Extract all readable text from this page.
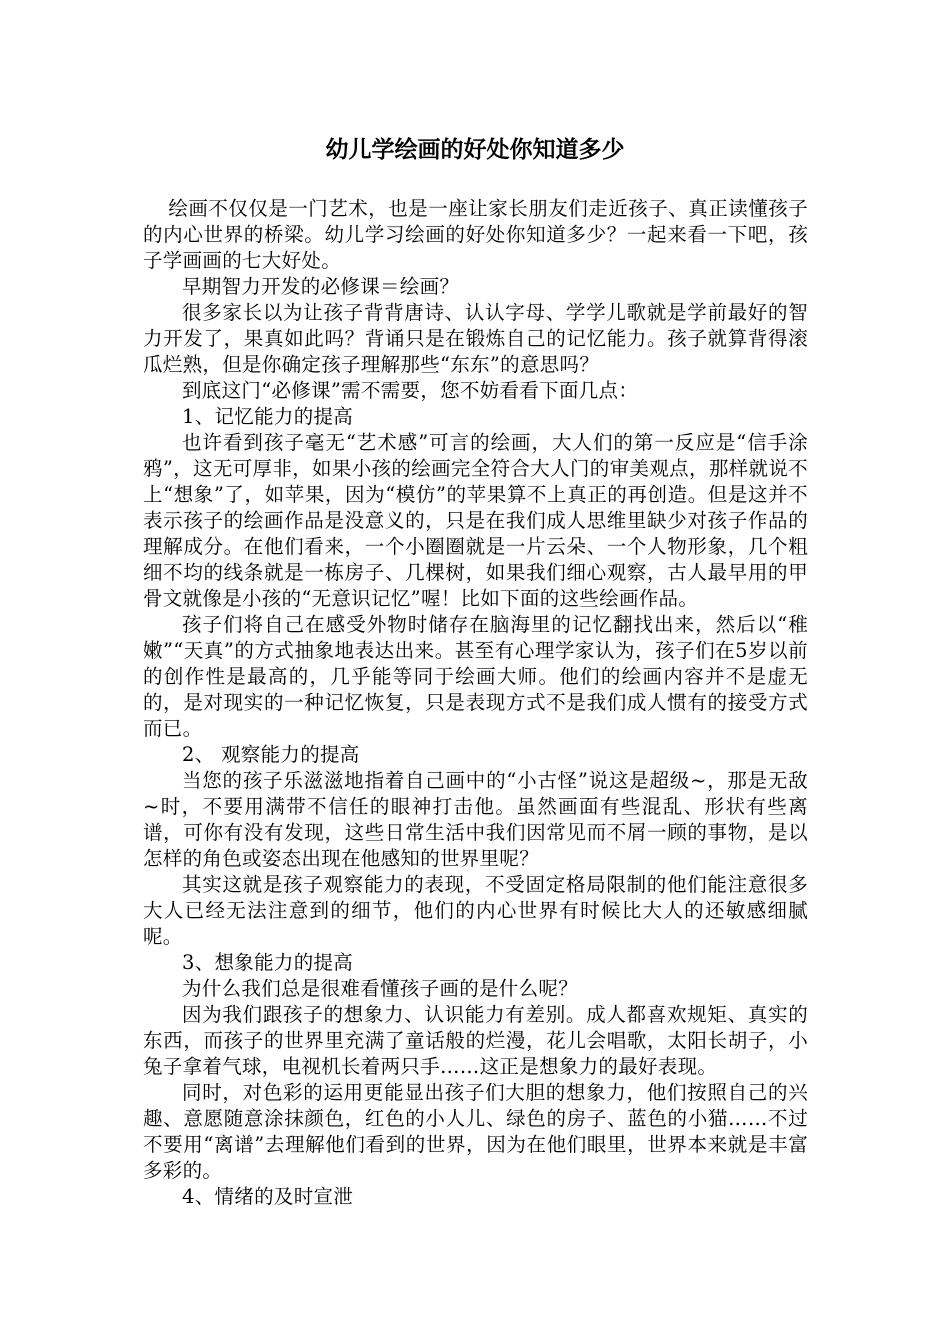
幼儿学绘画的好处你知道多少

绘画不仅仅是一门艺术，也是一座让家长朋友们走近孩子、真正读懂孩子的内心世界的桥梁。幼儿学习绘画的好处你知道多少？一起来看一下吧，孩子学画画的七大好处。

早期智力开发的必修课＝绘画？

很多家长以为让孩子背背唐诗、认认字母、学学儿歌就是学前最好的智力开发了，果真如此吗？背诵只是在锻炼自己的记忆能力。孩子就算背得滚瓜烂熟，但是你确定孩子理解那些“东东”的意思吗？

到底这门“必修课”需不需要，您不妨看看下面几点：

1、记忆能力的提高

也许看到孩子毫无“艺术感”可言的绘画，大人们的第一反应是“信手涂鸦”，这无可厚非，如果小孩的绘画完全符合大人门的审美观点，那样就说不上“想象”了，如苹果，因为“模仿”的苹果算不上真正的再创造。但是这并不表示孩子的绘画作品是没意义的，只是在我们成人思维里缺少对孩子作品的理解成分。在他们看来，一个小圈圈就是一片云朵、一个人物形象，几个粗细不均的线条就是一栋房子、几棵树，如果我们细心观察，古人最早用的甲骨文就像是小孩的“无意识记忆”喔！比如下面的这些绘画作品。

孩子们将自己在感受外物时储存在脑海里的记忆翻找出来，然后以“稚嫩”“天真”的方式抽象地表达出来。甚至有心理学家认为，孩子们在5岁以前的创作性是最高的，几乎能等同于绘画大师。他们的绘画内容并不是虚无的，是对现实的一种记忆恢复，只是表现方式不是我们成人惯有的接受方式而已。

2、 观察能力的提高

当您的孩子乐滋滋地指着自己画中的“小古怪”说这是超级~，那是无敌~时，不要用满带不信任的眼神打击他。虽然画面有些混乱、形状有些离谱，可你有没有发现，这些日常生活中我们因常见而不屑一顾的事物，是以怎样的角色或姿态出现在他感知的世界里呢？

其实这就是孩子观察能力的表现，不受固定格局限制的他们能注意很多大人已经无法注意到的细节，他们的内心世界有时候比大人的还敏感细腻呢。

3、想象能力的提高

为什么我们总是很难看懂孩子画的是什么呢？

因为我们跟孩子的想象力、认识能力有差别。成人都喜欢规矩、真实的东西，而孩子的世界里充满了童话般的烂漫，花儿会唱歌，太阳长胡子，小兔子拿着气球，电视机长着两只手……这正是想象力的最好表现。

同时，对色彩的运用更能显出孩子们大胆的想象力，他们按照自己的兴趣、意愿随意涂抹颜色，红色的小人儿、绿色的房子、蓝色的小猫……不过不要用“离谱”去理解他们看到的世界，因为在他们眼里，世界本来就是丰富多彩的。

4、情绪的及时宣泄
